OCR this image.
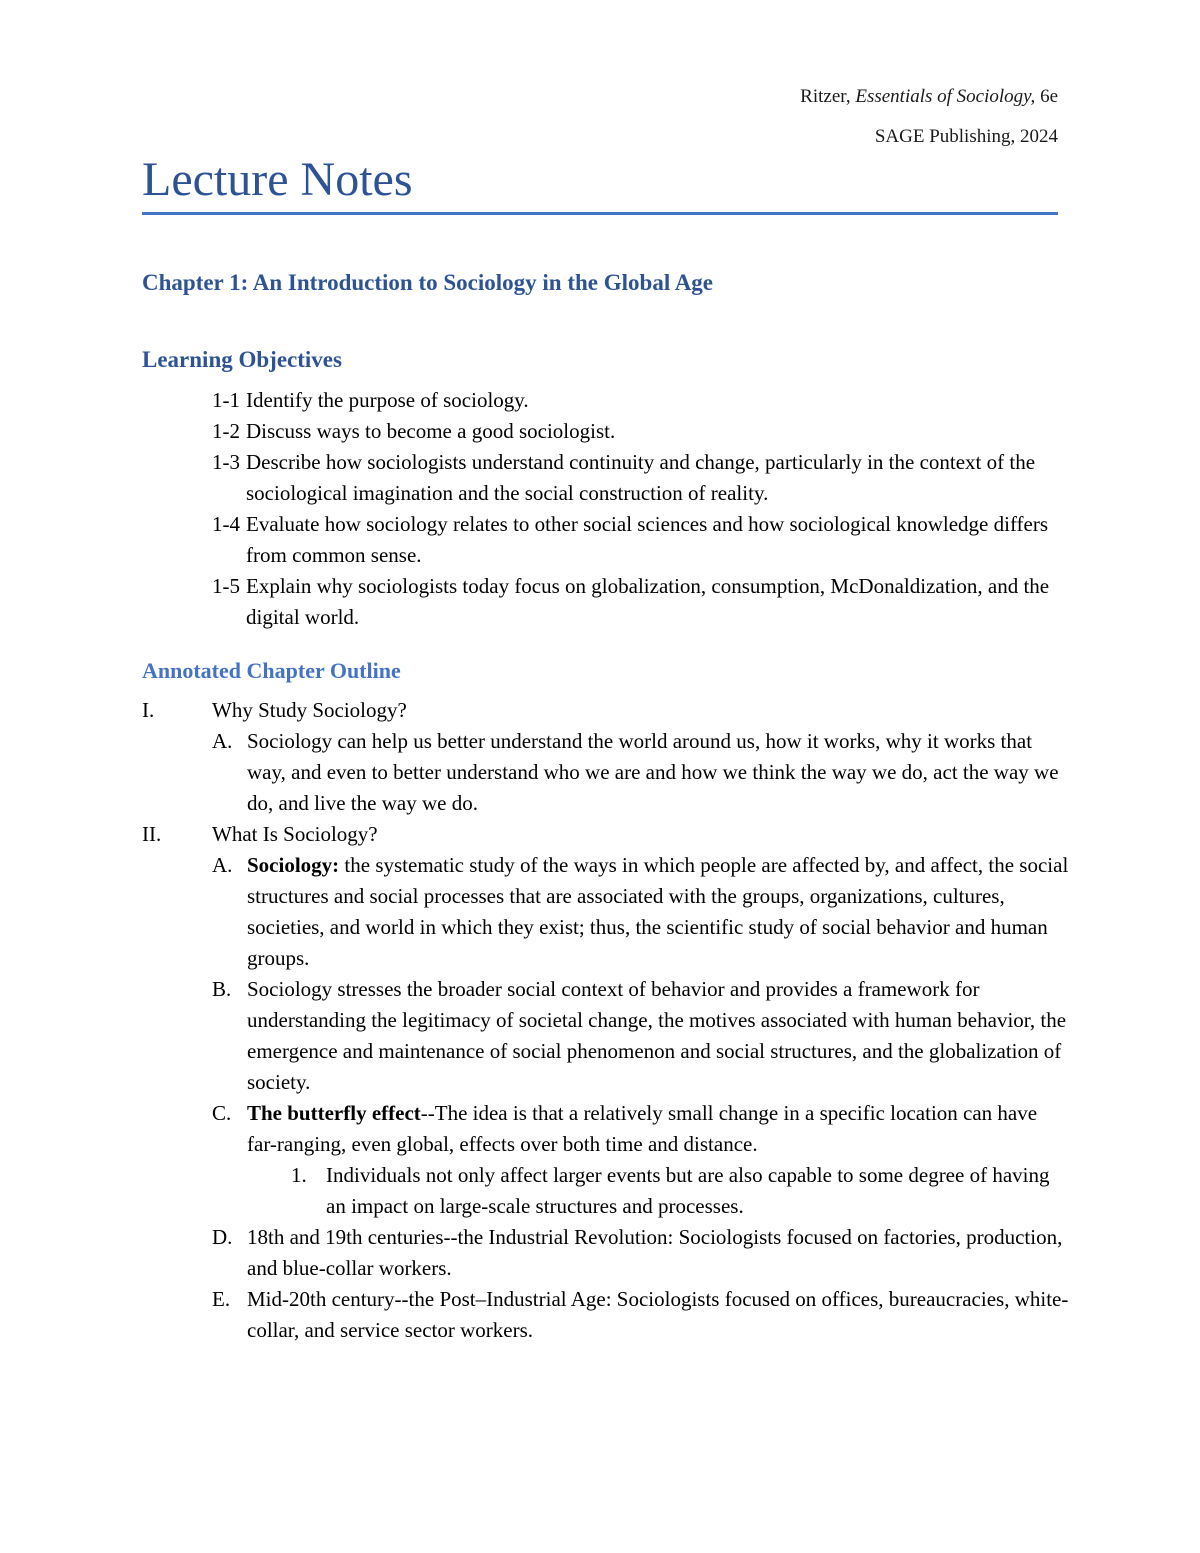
Ritzer, Essentials of Sociology, 6e
SAGE Publishing, 2024
Lecture Notes
Chapter 1: An Introduction to Sociology in the Global Age
Learning Objectives
1-1 Identify the purpose of sociology.
1-2 Discuss ways to become a good sociologist.
1-3 Describe how sociologists understand continuity and change, particularly in the context of the sociological imagination and the social construction of reality.
1-4 Evaluate how sociology relates to other social sciences and how sociological knowledge differs from common sense.
1-5 Explain why sociologists today focus on globalization, consumption, McDonaldization, and the digital world.
Annotated Chapter Outline
I.	Why Study Sociology?
A. Sociology can help us better understand the world around us, how it works, why it works that way, and even to better understand who we are and how we think the way we do, act the way we do, and live the way we do.
II.	What Is Sociology?
A. Sociology: the systematic study of the ways in which people are affected by, and affect, the social structures and social processes that are associated with the groups, organizations, cultures, societies, and world in which they exist; thus, the scientific study of social behavior and human groups.
B. Sociology stresses the broader social context of behavior and provides a framework for understanding the legitimacy of societal change, the motives associated with human behavior, the emergence and maintenance of social phenomenon and social structures, and the globalization of society.
C. The butterfly effect--The idea is that a relatively small change in a specific location can have far-ranging, even global, effects over both time and distance.
1. Individuals not only affect larger events but are also capable to some degree of having an impact on large-scale structures and processes.
D. 18th and 19th centuries--the Industrial Revolution: Sociologists focused on factories, production, and blue-collar workers.
E. Mid-20th century--the Post–Industrial Age: Sociologists focused on offices, bureaucracies, white-collar, and service sector workers.
